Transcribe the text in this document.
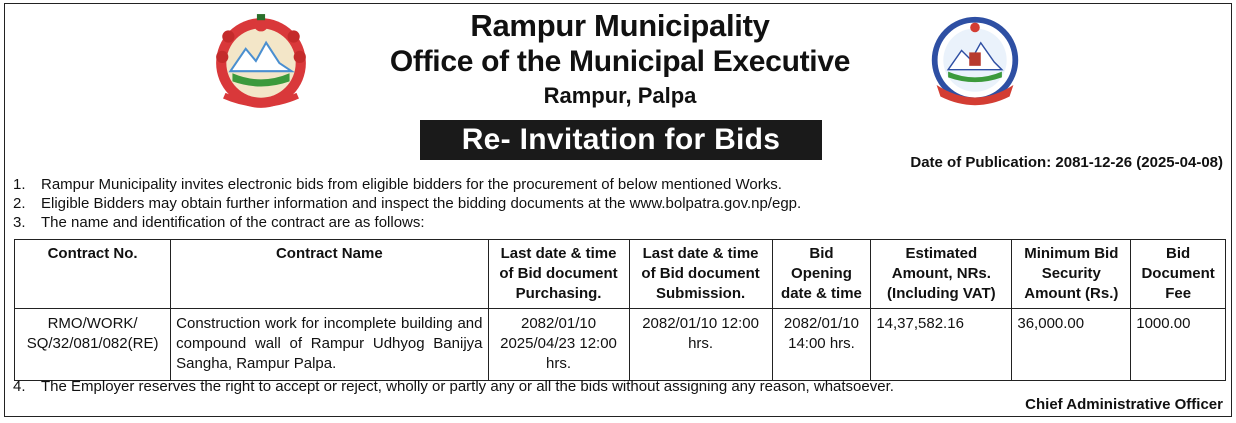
Rampur Municipality
Office of the Municipal Executive
Rampur, Palpa
Re- Invitation for Bids
Date of Publication: 2081-12-26 (2025-04-08)
1.	Rampur Municipality invites electronic bids from eligible bidders for the procurement of below mentioned Works.
2.	Eligible Bidders may obtain further information and inspect the bidding documents at the www.bolpatra.gov.np/egp.
3.	The name and identification of the contract are as follows:
Contract No.	Contract Name	Last date & time of Bid document Purchasing.	Last date & time of Bid document Submission.	Bid Opening date & time	Estimated Amount, NRs. (Including VAT)	Minimum Bid Security Amount (Rs.)	Bid Document Fee
RMO/WORK/ SQ/32/081/082(RE)	Construction work for incomplete building and compound wall of Rampur Udhyog Banijya Sangha, Rampur Palpa.	2082/01/10 2025/04/23 12:00 hrs.	2082/01/10 12:00 hrs.	2082/01/10 14:00 hrs.	14,37,582.16	36,000.00	1000.00
4.	The Employer reserves the right to accept or reject, wholly or partly any or all the bids without assigning any reason, whatsoever.
Chief Administrative Officer
